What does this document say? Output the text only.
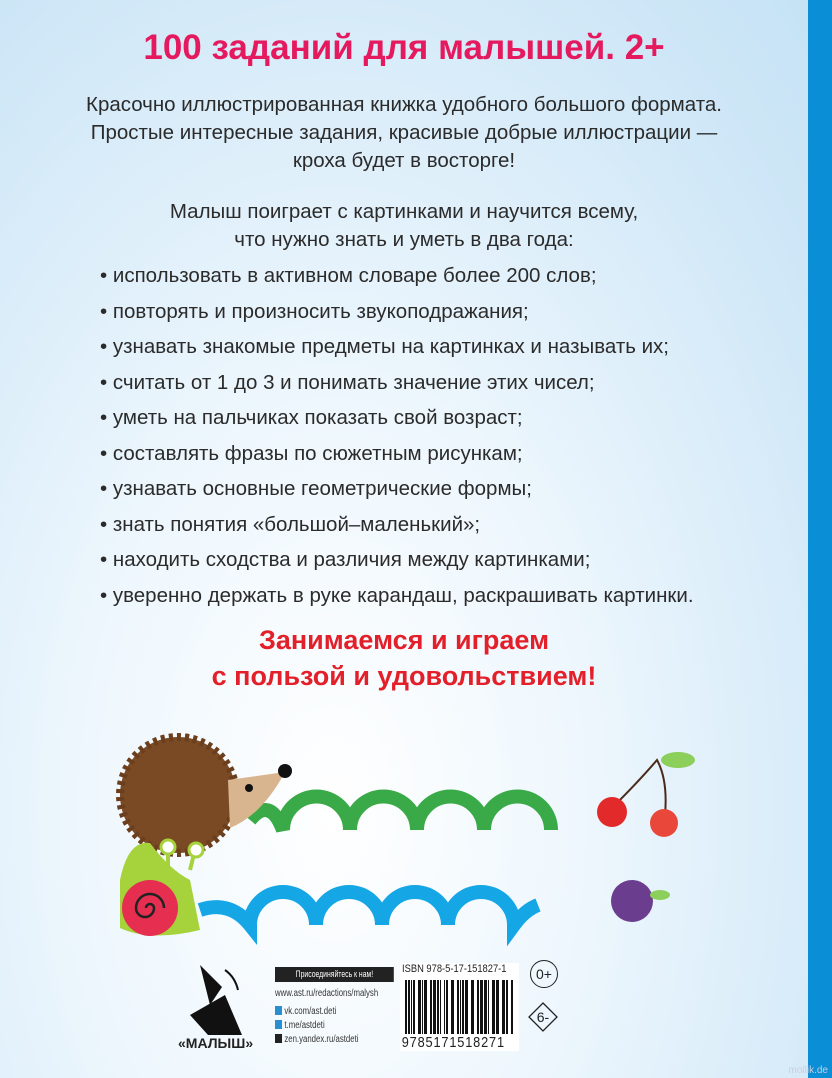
100 заданий для малышей. 2+
Красочно иллюстрированная книжка удобного большого формата.
Простые интересные задания, красивые добрые иллюстрации —
кроха будет в восторге!
Малыш поиграет с картинками и научится всему,
что нужно знать и уметь в два года:
• использовать в активном словаре более 200 слов;
• повторять и произносить звукоподражания;
• узнавать знакомые предметы на картинках и называть их;
• считать от 1 до 3 и понимать значение этих чисел;
• уметь на пальчиках показать свой возраст;
• составлять фразы по сюжетным рисункам;
• узнавать основные геометрические формы;
• знать понятия «большой–маленький»;
• находить сходства и различия между картинками;
• уверенно держать в руке карандаш, раскрашивать картинки.
Занимаемся и играем
с пользой и удовольствием!
«МАЛЫШ»
Присоединяйтесь к нам!
www.ast.ru/redactions/malysh
vk.com/ast.deti
t.me/astdeti
zen.yandex.ru/astdeti
ISBN 978-5-17-151827-1
9785171518271
0+
6-
mollik.de
